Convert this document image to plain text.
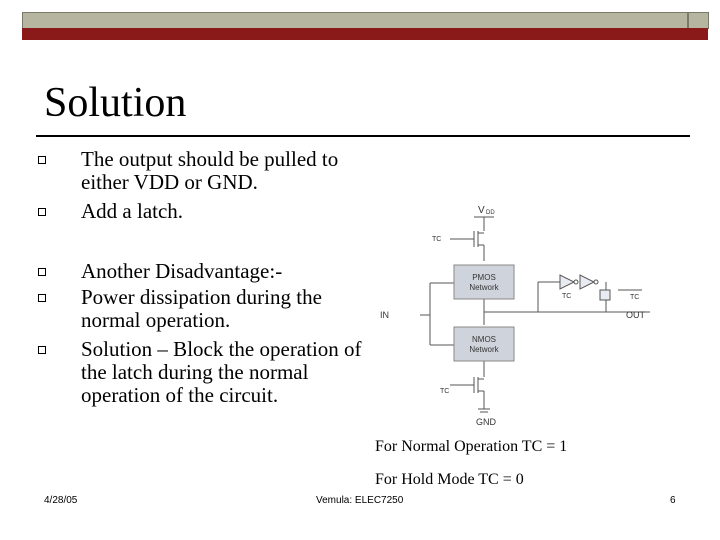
Solution
The output should be pulled to either VDD or GND.
Add a latch.
Another Disadvantage:-
Power dissipation during the normal operation.
Solution – Block the operation of the latch during the normal operation of the circuit.
V DD
TC
PMOS
Network
NMOS
Network
IN	OUT
TC	TC
TC
GND
For Normal Operation TC = 1
For Hold Mode TC = 0
4/28/05	Vemula: ELEC7250	6
